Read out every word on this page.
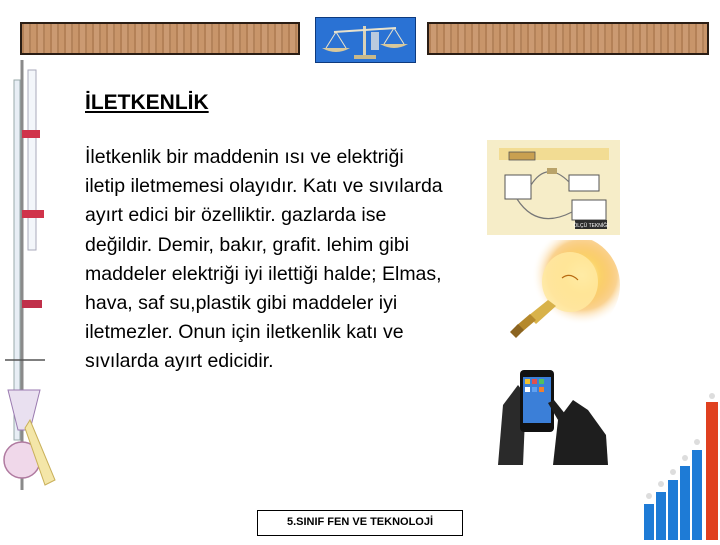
İLETKENLİK

İletkenlik bir maddenin ısı ve elektriği iletip iletmemesi olayıdır. Katı ve sıvılarda ayırt edici bir özelliktir. gazlarda ise değildir. Demir, bakır, grafit. lehim gibi maddeler elektriği iyi ilettiği halde; Elmas, hava, saf su,plastik gibi maddeler iyi iletmezler. Onun için iletkenlik katı ve sıvılarda ayırt edicidir.

ÖLÇÜ TEKNİĞİ
5.SINIF FEN VE TEKNOLOJİ
